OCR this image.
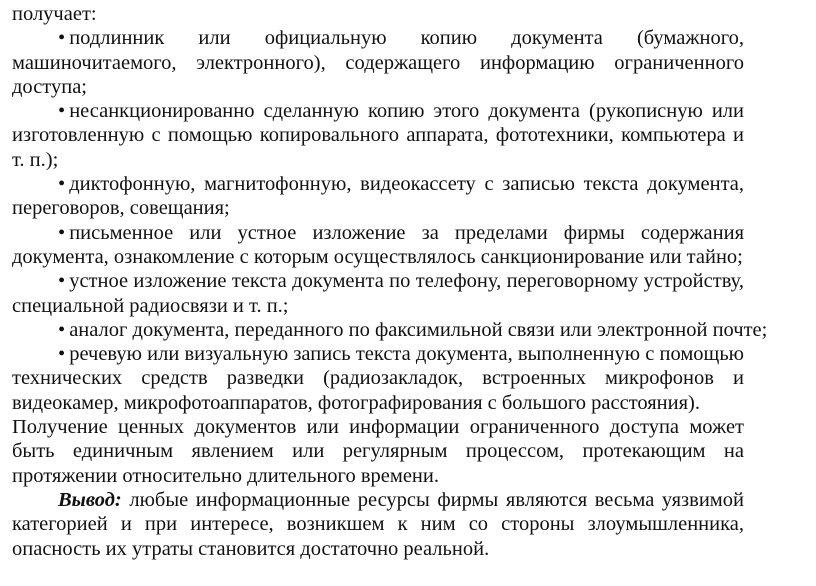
получает:

• подлинник или официальную копию документа (бумажного, машиночитаемого, электронного), содержащего информацию ограниченного доступа;

• несанкционированно сделанную копию этого документа (рукописную или изготовленную с помощью копировального аппарата, фототехники, компьютера и т. п.);

• диктофонную, магнитофонную, видеокассету с записью текста документа, переговоров, совещания;

• письменное или устное изложение за пределами фирмы содержания документа, ознакомление с которым осуществлялось санкционирование или тайно;

• устное изложение текста документа по телефону, переговорному устройству, специальной радиосвязи и т. п.;

• аналог документа, переданного по факсимильной связи или электронной почте;

• речевую или визуальную запись текста документа, выполненную с помощью технических средств разведки (радиозакладок, встроенных микрофонов и видеокамер, микрофотоаппаратов, фотографирования с большого расстояния).

Получение ценных документов или информации ограниченного доступа может быть единичным явлением или регулярным процессом, протекающим на протяжении относительно длительного времени.

Вывод: любые информационные ресурсы фирмы являются весьма уязвимой категорией и при интересе, возникшем к ним со стороны злоумышленника, опасность их утраты становится достаточно реальной.
